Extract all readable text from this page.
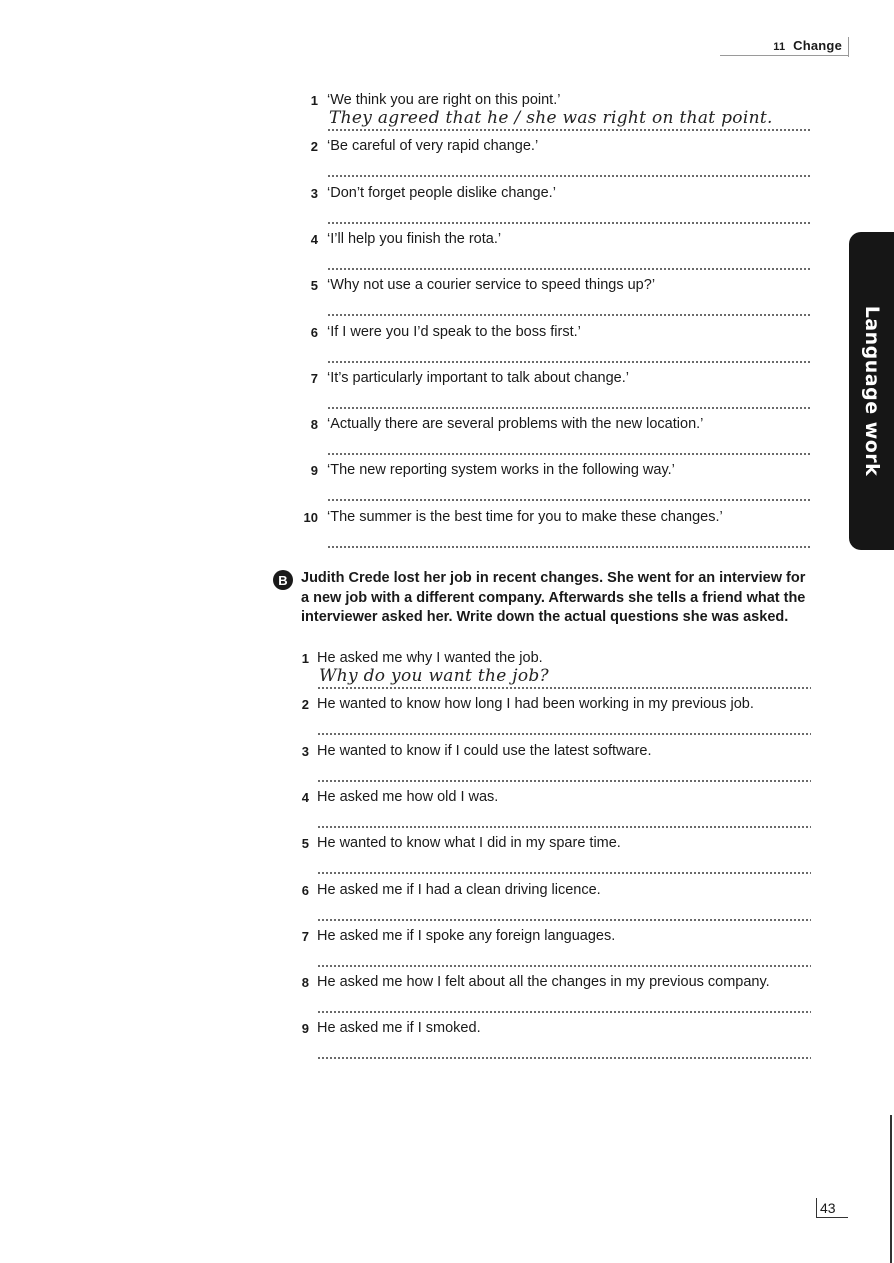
11 Change
Language work
1 ‘We think you are right on this point.’
They agreed that he / she was right on that point.
2 ‘Be careful of very rapid change.’
3 ‘Don’t forget people dislike change.’
4 ‘I’ll help you finish the rota.’
5 ‘Why not use a courier service to speed things up?’
6 ‘If I were you I’d speak to the boss first.’
7 ‘It’s particularly important to talk about change.’
8 ‘Actually there are several problems with the new location.’
9 ‘The new reporting system works in the following way.’
10 ‘The summer is the best time for you to make these changes.’
B Judith Crede lost her job in recent changes. She went for an interview for a new job with a different company. Afterwards she tells a friend what the interviewer asked her. Write down the actual questions she was asked.
1 He asked me why I wanted the job.
Why do you want the job?
2 He wanted to know how long I had been working in my previous job.
3 He wanted to know if I could use the latest software.
4 He asked me how old I was.
5 He wanted to know what I did in my spare time.
6 He asked me if I had a clean driving licence.
7 He asked me if I spoke any foreign languages.
8 He asked me how I felt about all the changes in my previous company.
9 He asked me if I smoked.
43
